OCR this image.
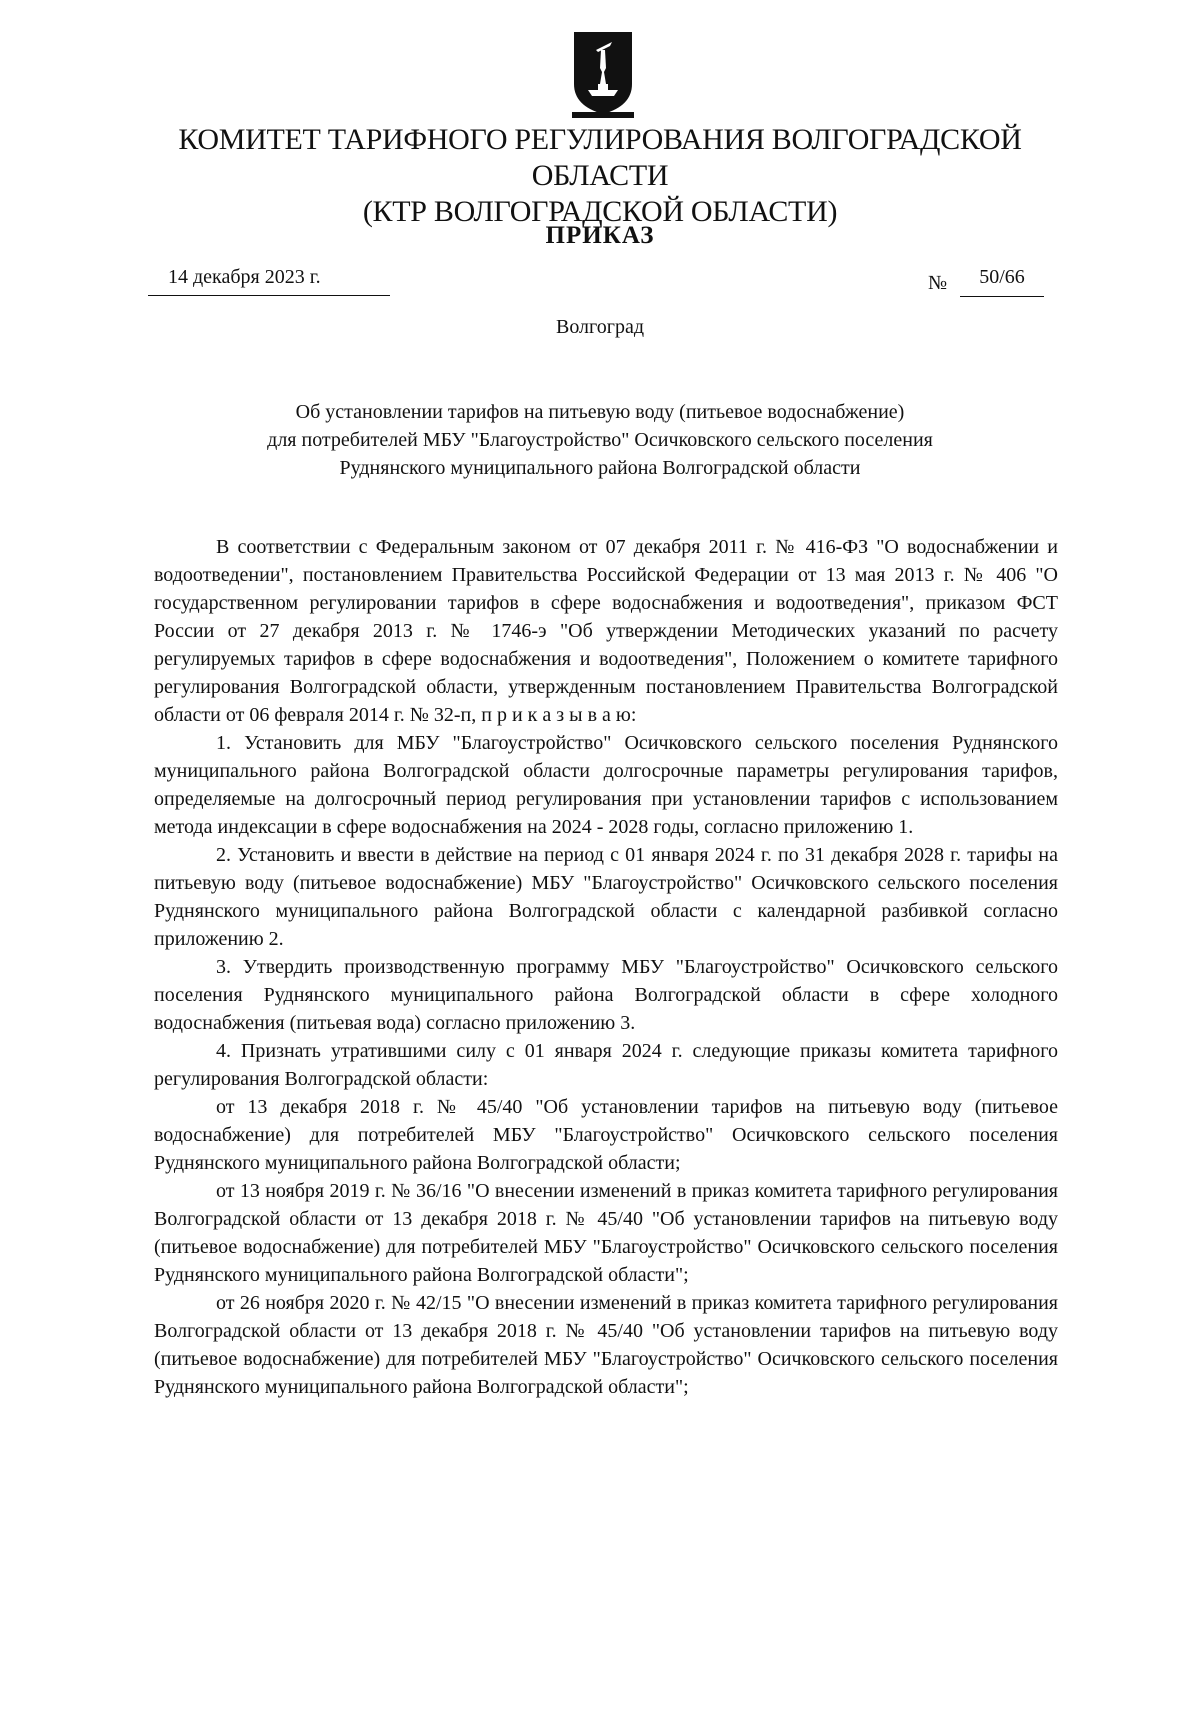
КОМИТЕТ ТАРИФНОГО РЕГУЛИРОВАНИЯ ВОЛГОГРАДСКОЙ ОБЛАСТИ
(КТР ВОЛГОГРАДСКОЙ ОБЛАСТИ)
ПРИКАЗ
14 декабря 2023 г.	№	50/66
Волгоград
Об установлении тарифов на питьевую воду (питьевое водоснабжение)
для потребителей МБУ "Благоустройство" Осичковского сельского поселения
Руднянского муниципального района Волгоградской области

В соответствии с Федеральным законом от 07 декабря 2011 г. № 416-ФЗ "О водоснабжении и водоотведении", постановлением Правительства Российской Федерации от 13 мая 2013 г. № 406 "О государственном регулировании тарифов в сфере водоснабжения и водоотведения", приказом ФСТ России от 27 декабря 2013 г. № 1746-э "Об утверждении Методических указаний по расчету регулируемых тарифов в сфере водоснабжения и водоотведения", Положением о комитете тарифного регулирования Волгоградской области, утвержденным постановлением Правительства Волгоградской области от 06 февраля 2014 г. № 32-п, п р и к а з ы в а ю:

1. Установить для МБУ "Благоустройство" Осичковского сельского поселения Руднянского муниципального района Волгоградской области долгосрочные параметры регулирования тарифов, определяемые на долгосрочный период регулирования при установлении тарифов с использованием метода индексации в сфере водоснабжения на 2024 - 2028 годы, согласно приложению 1.

2. Установить и ввести в действие на период с 01 января 2024 г. по 31 декабря 2028 г. тарифы на питьевую воду (питьевое водоснабжение) МБУ "Благоустройство" Осичковского сельского поселения Руднянского муниципального района Волгоградской области с календарной разбивкой согласно приложению 2.

3. Утвердить производственную программу МБУ "Благоустройство" Осичковского сельского поселения Руднянского муниципального района Волгоградской области в сфере холодного водоснабжения (питьевая вода) согласно приложению 3.

4. Признать утратившими силу с 01 января 2024 г. следующие приказы комитета тарифного регулирования Волгоградской области:

от 13 декабря 2018 г. № 45/40 "Об установлении тарифов на питьевую воду (питьевое водоснабжение) для потребителей МБУ "Благоустройство" Осичковского сельского поселения Руднянского муниципального района Волгоградской области;

от 13 ноября 2019 г. № 36/16 "О внесении изменений в приказ комитета тарифного регулирования Волгоградской области от 13 декабря 2018 г. № 45/40 "Об установлении тарифов на питьевую воду (питьевое водоснабжение) для потребителей МБУ "Благоустройство" Осичковского сельского поселения Руднянского муниципального района Волгоградской области";

от 26 ноября 2020 г. № 42/15 "О внесении изменений в приказ комитета тарифного регулирования Волгоградской области от 13 декабря 2018 г. № 45/40 "Об установлении тарифов на питьевую воду (питьевое водоснабжение) для потребителей МБУ "Благоустройство" Осичковского сельского поселения Руднянского муниципального района Волгоградской области";
